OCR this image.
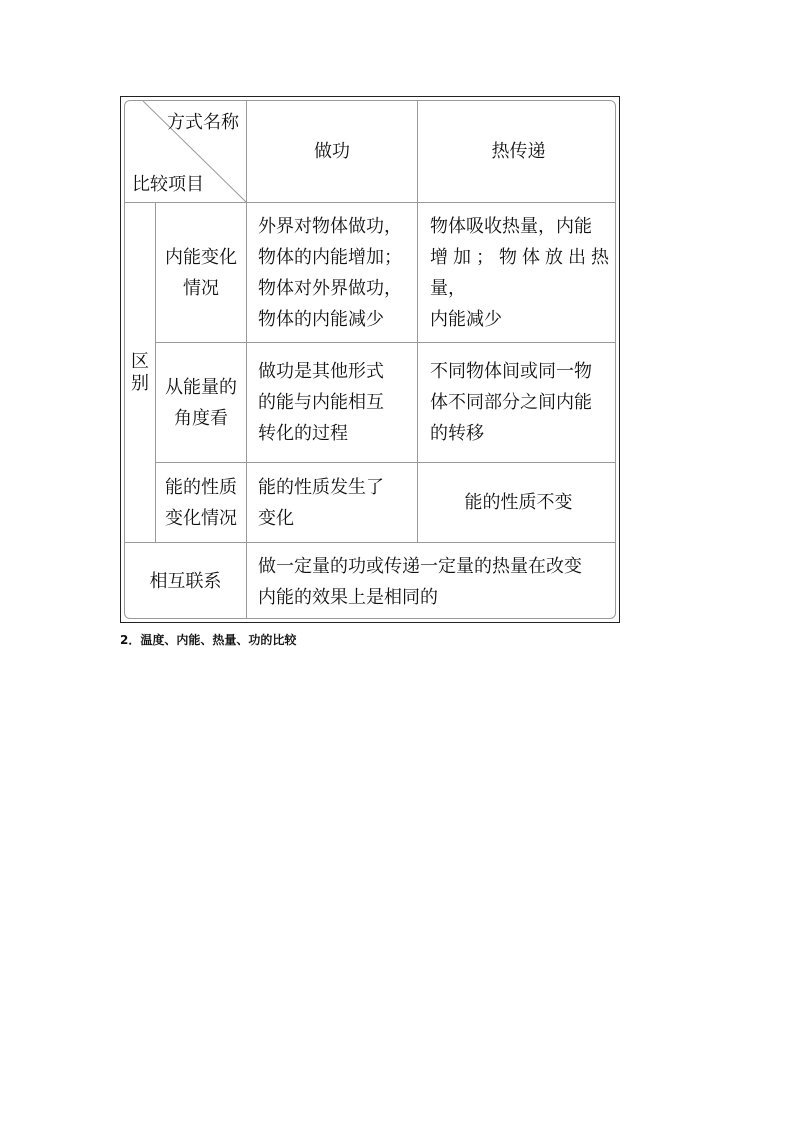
方式名称
比较项目
做功	热传递
区
别
内能变化
情况
外界对物体做功，
物体的内能增加；
物体对外界做功，
物体的内能减少
物体吸收热量，内能
增加；物体放出热量，
内能减少
从能量的
角度看
做功是其他形式
的能与内能相互
转化的过程
不同物体间或同一物
体不同部分之间内能
的转移
能的性质
变化情况
能的性质发生了
变化
能的性质不变
相互联系
做一定量的功或传递一定量的热量在改变
内能的效果上是相同的
2．温度、内能、热量、功的比较
